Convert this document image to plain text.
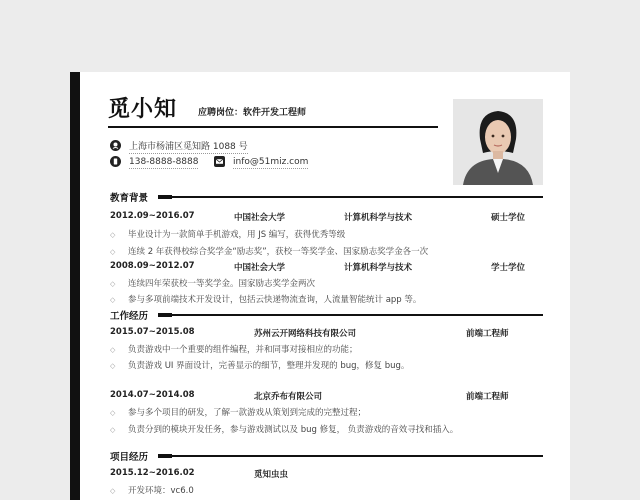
觅小知 应聘岗位：软件开发工程师
上海市杨浦区觅知路 1088 号
138-8888-8888	info@51miz.com
教育背景
2012.09~2016.07	中国社会大学	计算机科学与技术	硕士学位
◇ 毕业设计为一款简单手机游戏，用 JS 编写，获得优秀等级
◇ 连续 2 年获得校综合奖学金“励志奖”，获校一等奖学金、国家励志奖学金各一次
2008.09~2012.07	中国社会大学	计算机科学与技术	学士学位
◇ 连续四年荣获校一等奖学金。国家励志奖学金两次
◇ 参与多项前端技术开发设计，包括云快递物流查询，人流量智能统计 app 等。
工作经历
2015.07~2015.08	苏州云开网络科技有限公司	前端工程师
◇ 负责游戏中一个重要的组件编程，并和同事对接相应的功能；
◇ 负责游戏 UI 界面设计，完善显示的细节，整理并发现的 bug，修复 bug。
2014.07~2014.08	北京乔布有限公司	前端工程师
◇ 参与多个项目的研发，了解一款游戏从策划到完成的完整过程；
◇ 负责分到的模块开发任务，参与游戏测试以及 bug 修复， 负责游戏的音效寻找和插入。
项目经历
2015.12~2016.02	觅知虫虫
◇ 开发环境：vc6.0
